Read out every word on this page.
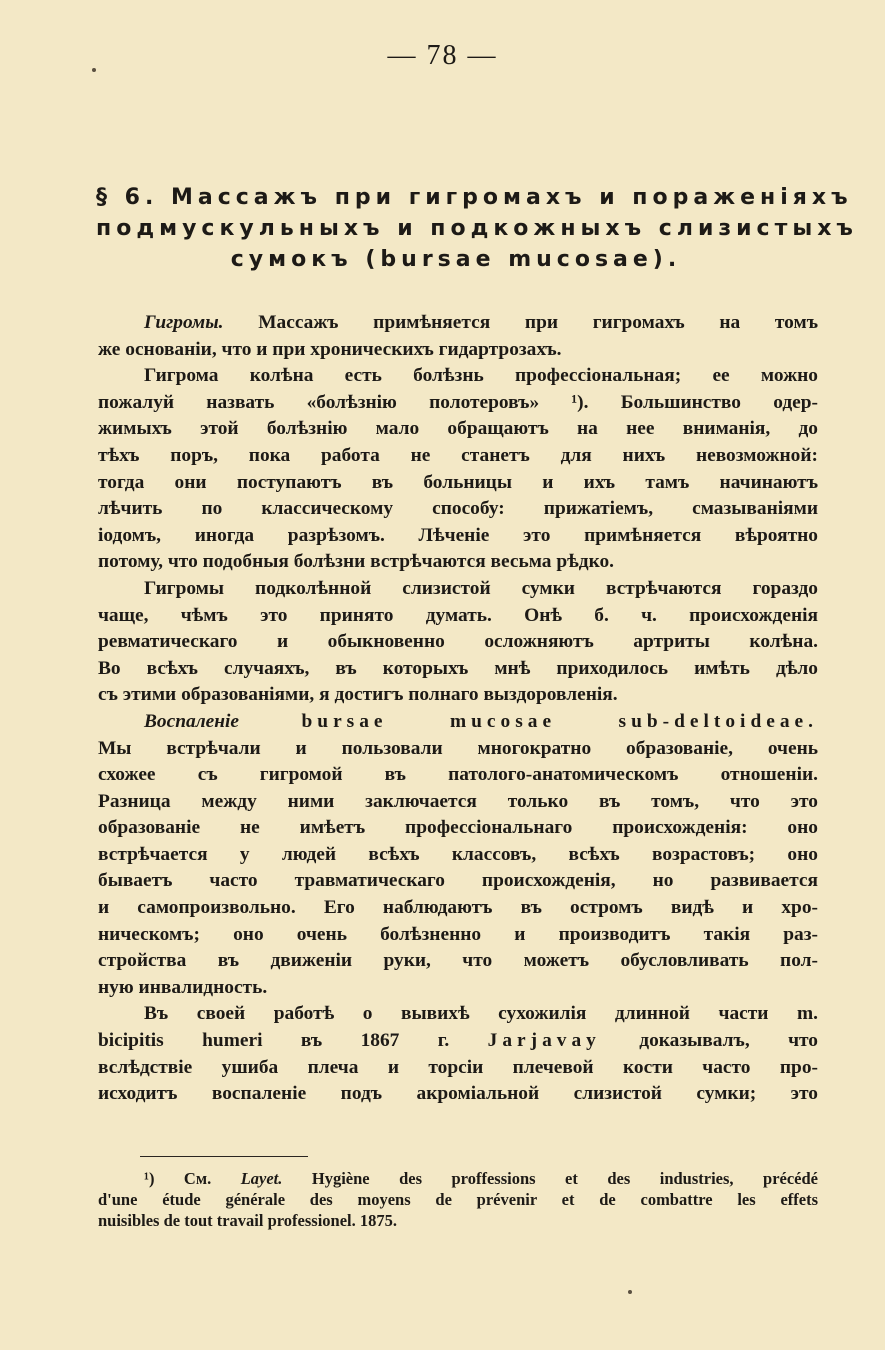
— 78 —
§ 6. Массажъ при гигромахъ и пораженіяхъ
подмускульныхъ и подкожныхъ слизистыхъ
сумокъ (bursae mucosae).
Гигромы. Массажъ примѣняется при гигромахъ на томъ
же основаніи, что и при хроническихъ гидартрозахъ.
Гигрома колѣна есть болѣзнь профессіональная; ее можно
пожалуй назвать «болѣзнію полотеровъ» ¹). Большинство одер-
жимыхъ этой болѣзнію мало обращаютъ на нее вниманія, до
тѣхъ поръ, пока работа не станетъ для нихъ невозможной:
тогда они поступаютъ въ больницы и ихъ тамъ начинаютъ
лѣчить по классическому способу: прижатіемъ, смазываніями
іодомъ, иногда разрѣзомъ. Лѣченіе это примѣняется вѣроятно
потому, что подобныя болѣзни встрѣчаются весьма рѣдко.
Гигромы подколѣнной слизистой сумки встрѣчаются гораздо
чаще, чѣмъ это принято думать. Онѣ б. ч. происхожденія
ревматическаго и обыкновенно осложняютъ артриты колѣна.
Во всѣхъ случаяхъ, въ которыхъ мнѣ приходилось имѣть дѣло
съ этими образованіями, я достигъ полнаго выздоровленія.
Воспаленіе bursae mucosae sub-deltoideae.
Мы встрѣчали и пользовали многократно образованіе, очень
схожее съ гигромой въ патолого-анатомическомъ отношеніи.
Разница между ними заключается только въ томъ, что это
образованіе не имѣетъ профессіональнаго происхожденія: оно
встрѣчается у людей всѣхъ классовъ, всѣхъ возрастовъ; оно
бываетъ часто травматическаго происхожденія, но развивается
и самопроизвольно. Его наблюдаютъ въ остромъ видѣ и хро-
ническомъ; оно очень болѣзненно и производитъ такія раз-
стройства въ движеніи руки, что можетъ обусловливать пол-
ную инвалидность.
Въ своей работѣ о вывихѣ сухожилія длинной части m.
bicipitis humeri въ 1867 г. Jarjavay доказывалъ, что
вслѣдствіе ушиба плеча и торсіи плечевой кости часто про-
исходитъ воспаленіе подъ акроміальной слизистой сумки; это
¹) См. Layet. Hygiène des proffessions et des industries, précédé
d'une étude générale des moyens de prévenir et de combattre les effets
nuisibles de tout travail professionel. 1875.
